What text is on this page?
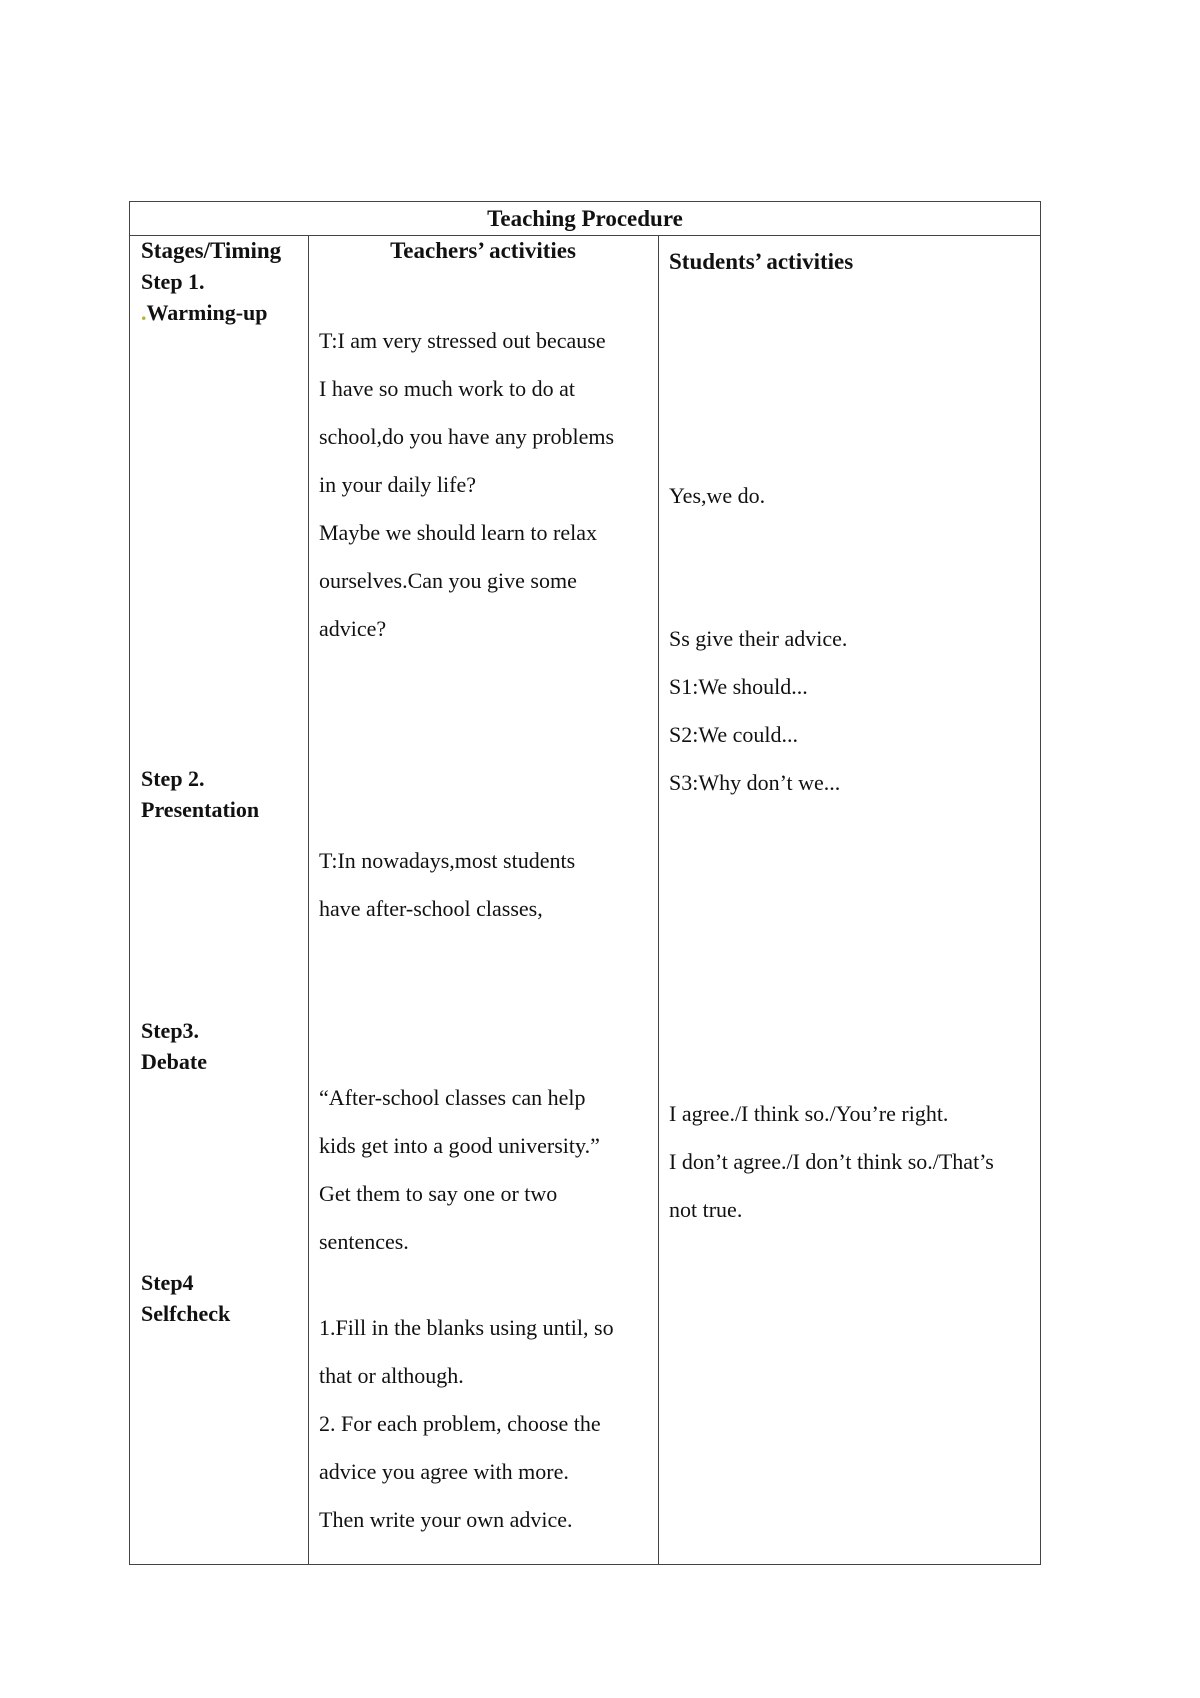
Teaching Procedure
Stages/Timing
Step 1.
.Warming-up
Step 2.
Presentation
Step3.
Debate
Step4
Selfcheck
Teachers’ activities
T:I am very stressed out because
I have so much work to do at
school,do you have any problems
in your daily life?
Maybe we should learn to relax
ourselves.Can you give some
advice?
T:In nowadays,most students
have after-school classes,
“After-school classes can help
kids get into a good university.”
Get them to say one or two
sentences.
1.Fill in the blanks using until, so
that or although.
2. For each problem, choose the
advice you agree with more.
Then write your own advice.
Students’ activities
Yes,we do.
Ss give their advice.
S1:We should...
S2:We could...
S3:Why don’t we...
I agree./I think so./You’re right.
I don’t agree./I don’t think so./That’s
not true.
